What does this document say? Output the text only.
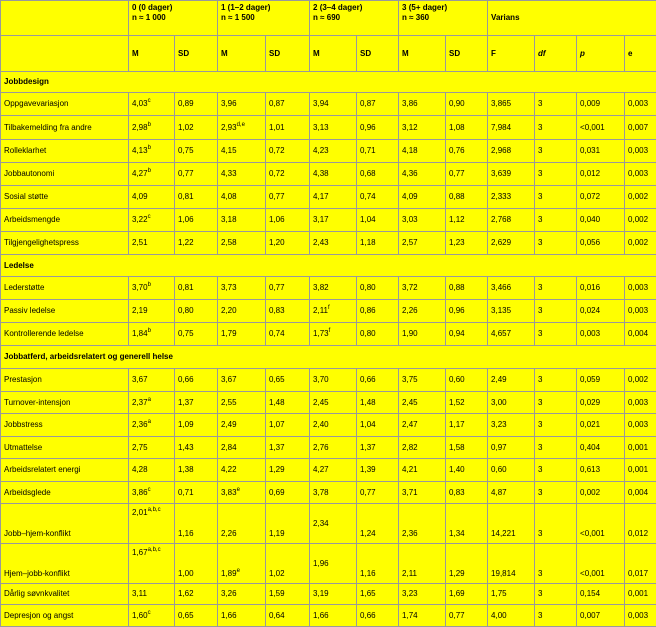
	0 (0 dager)
n ≈ 1 000		1 (1–2 dager)
n ≈ 1 500		2 (3–4 dager)
n ≈ 690		3 (5+ dager)
n ≈ 360		Varians			
	M	SD	M	SD	M	SD	M	SD	F	df	p	e
Jobbdesign												
Oppgavevariasjon	4,03$^c$	0,89	3,96	0,87	3,94	0,87	3,86	0,90	3,865	3	0,009	0,003
Tilbakemelding fra andre	2,98$^b$	1,02	2,93$^{d,e}$	1,01	3,13	0,96	3,12	1,08	7,984	3	<0,001	0,007
Rolleklarhet	4,13$^b$	0,75	4,15	0,72	4,23	0,71	4,18	0,76	2,968	3	0,031	0,003
Jobbautonomi	4,27$^b$	0,77	4,33	0,72	4,38	0,68	4,36	0,77	3,639	3	0,012	0,003
Sosial støtte	4,09	0,81	4,08	0,77	4,17	0,74	4,09	0,88	2,333	3	0,072	0,002
Arbeidsmengde	3,22$^c$	1,06	3,18	1,06	3,17	1,04	3,03	1,12	2,768	3	0,040	0,002
Tilgjengelighetspress	2,51	1,22	2,58	1,20	2,43	1,18	2,57	1,23	2,629	3	0,056	0,002
Ledelse												
Lederstøtte	3,70$^b$	0,81	3,73	0,77	3,82	0,80	3,72	0,88	3,466	3	0,016	0,003
Passiv ledelse	2,19	0,80	2,20	0,83	2,11$^f$	0,86	2,26	0,96	3,135	3	0,024	0,003
Kontrollerende ledelse	1,84$^b$	0,75	1,79	0,74	1,73$^f$	0,80	1,90	0,94	4,657	3	0,003	0,004
Jobbatferd, arbeidsrelatert og generell helse												
Prestasjon	3,67	0,66	3,67	0,65	3,70	0,66	3,75	0,60	2,49	3	0,059	0,002
Turnover-intensjon	2,37$^a$	1,37	2,55	1,48	2,45	1,48	2,45	1,52	3,00	3	0,029	0,003
Jobbstress	2,36$^a$	1,09	2,49	1,07	2,40	1,04	2,47	1,17	3,23	3	0,021	0,003
Utmattelse	2,75	1,43	2,84	1,37	2,76	1,37	2,82	1,58	0,97	3	0,404	0,001
Arbeidsrelatert energi	4,28	1,38	4,22	1,29	4,27	1,39	4,21	1,40	0,60	3	0,613	0,001
Arbeidsglede	3,86$^c$	0,71	3,83e	0,69	3,78	0,77	3,71	0,83	4,87	3	0,002	0,004
Jobb–hjem-konflikt	2,01$^{a,b,c}$	1,16	2,26	1,19	2,34	1,24	2,36	1,34	14,221	3	<0,001	0,012
Hjem–jobb-konflikt	1,67$^{a,b,c}$	1,00	1,89e	1,02	1,96	1,16	2,11	1,29	19,814	3	<0,001	0,017
Dårlig søvnkvalitet	3,11	1,62	3,26	1,59	3,19	1,65	3,23	1,69	1,75	3	0,154	0,001
Depresjon og angst	1,60$^c$	0,65	1,66	0,64	1,66	0,66	1,74	0,77	4,00	3	0,007	0,003
